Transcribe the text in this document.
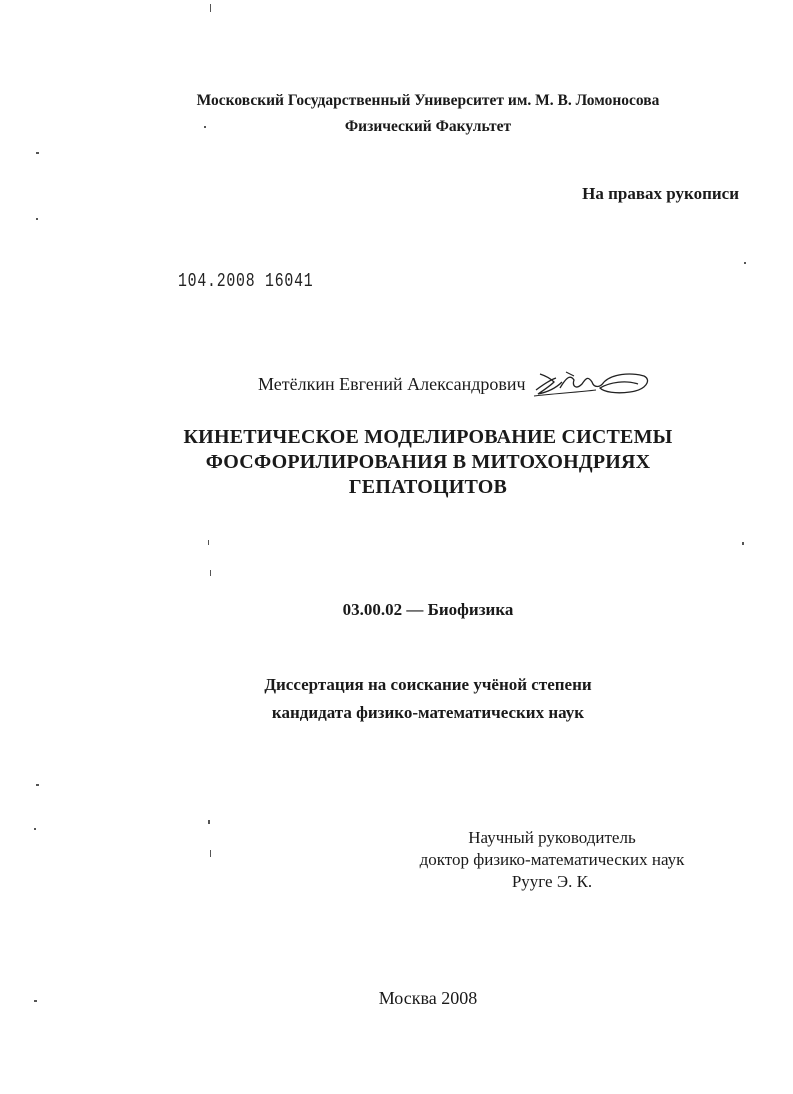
Московский Государственный Университет им. М. В. Ломоносова
Физический Факультет
На правах рукописи
104.2008 16041
Метёлкин Евгений Александрович
КИНЕТИЧЕСКОЕ МОДЕЛИРОВАНИЕ СИСТЕМЫ
ФОСФОРИЛИРОВАНИЯ В МИТОХОНДРИЯХ
ГЕПАТОЦИТОВ
03.00.02 — Биофизика
Диссертация на соискание учёной степени
кандидата физико-математических наук
Научный руководитель
доктор физико-математических наук
Рууге Э. К.
Москва 2008
